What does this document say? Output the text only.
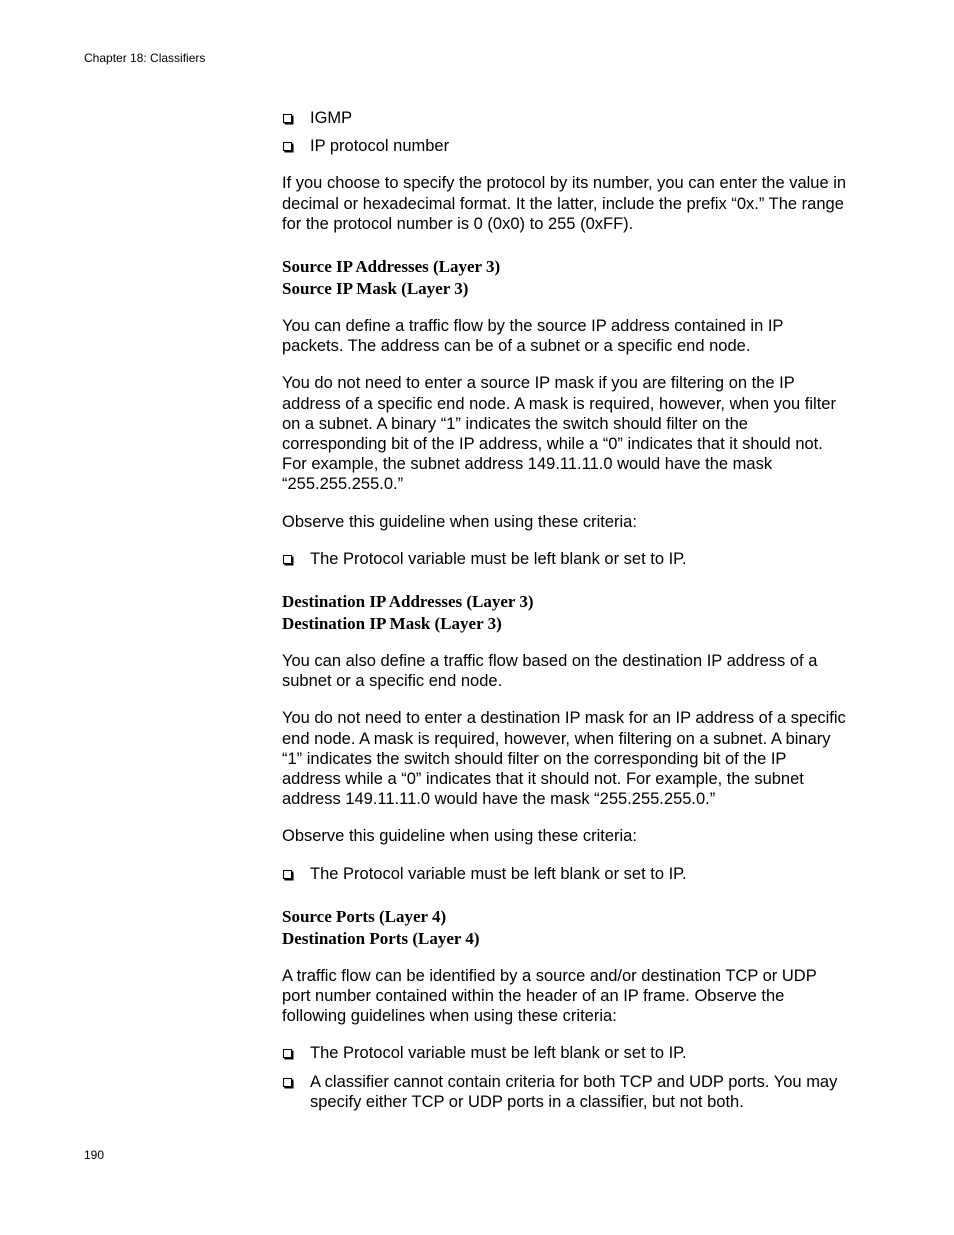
Chapter 18: Classifiers
IGMP
IP protocol number

If you choose to specify the protocol by its number, you can enter the value in decimal or hexadecimal format. It the latter, include the prefix “0x.” The range for the protocol number is 0 (0x0) to 255 (0xFF).

Source IP Addresses (Layer 3)
Source IP Mask (Layer 3)

You can define a traffic flow by the source IP address contained in IP packets. The address can be of a subnet or a specific end node.

You do not need to enter a source IP mask if you are filtering on the IP address of a specific end node. A mask is required, however, when you filter on a subnet. A binary “1” indicates the switch should filter on the corresponding bit of the IP address, while a “0” indicates that it should not. For example, the subnet address 149.11.11.0 would have the mask “255.255.255.0.”

Observe this guideline when using these criteria:

The Protocol variable must be left blank or set to IP.
Destination IP Addresses (Layer 3)
Destination IP Mask (Layer 3)

You can also define a traffic flow based on the destination IP address of a subnet or a specific end node.

You do not need to enter a destination IP mask for an IP address of a specific end node. A mask is required, however, when filtering on a subnet. A binary “1” indicates the switch should filter on the corresponding bit of the IP address while a “0” indicates that it should not. For example, the subnet address 149.11.11.0 would have the mask “255.255.255.0.”

Observe this guideline when using these criteria:

The Protocol variable must be left blank or set to IP.
Source Ports (Layer 4)
Destination Ports (Layer 4)

A traffic flow can be identified by a source and/or destination TCP or UDP port number contained within the header of an IP frame. Observe the following guidelines when using these criteria:

The Protocol variable must be left blank or set to IP.
A classifier cannot contain criteria for both TCP and UDP ports. You may specify either TCP or UDP ports in a classifier, but not both.
190
